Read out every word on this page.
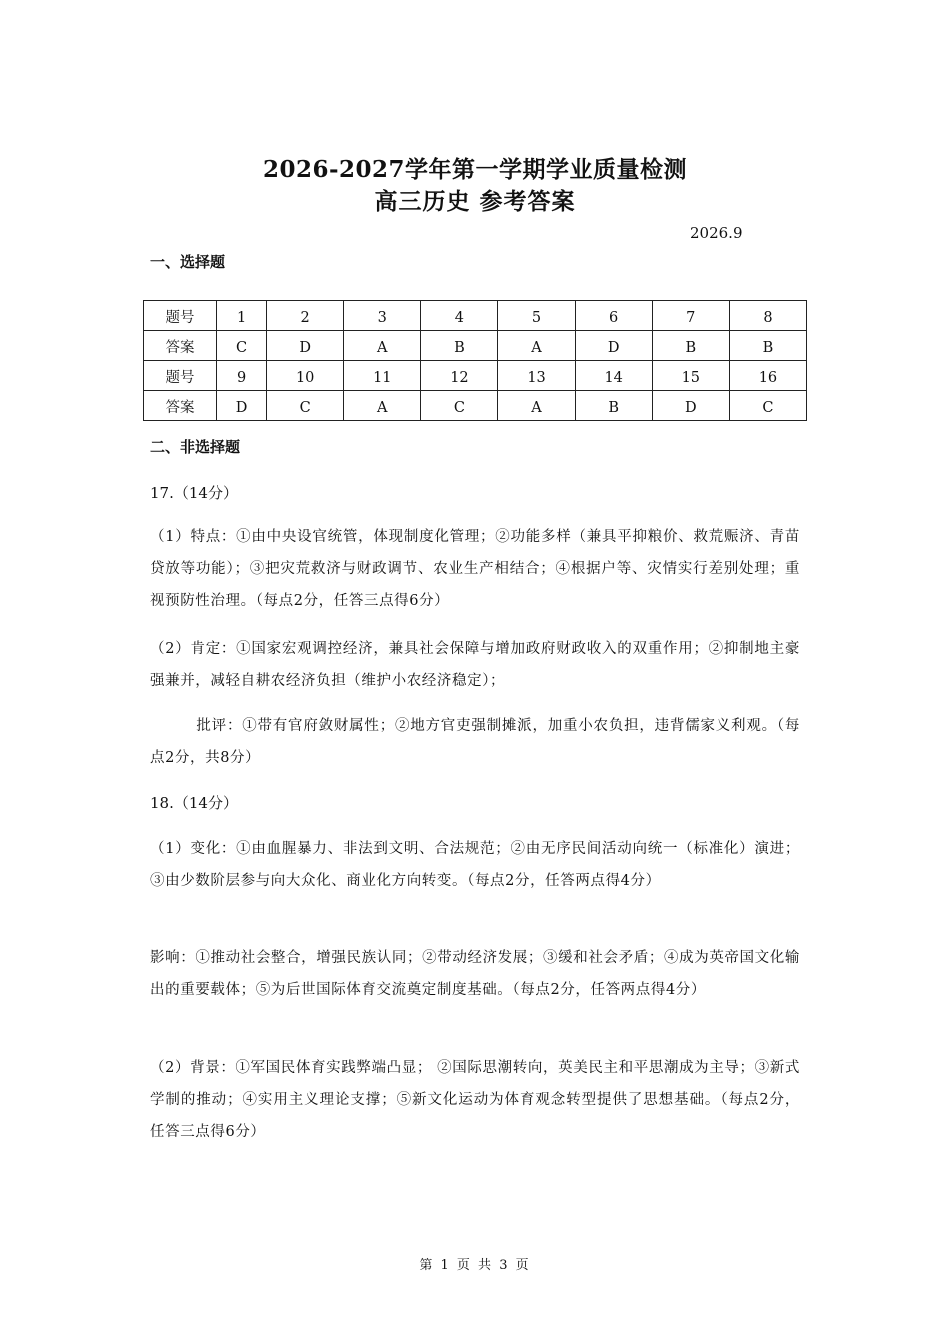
2026-2027学年第一学期学业质量检测
高三历史 参考答案
2026.9
一、选择题
题号	1	2	3	4	5	6	7	8
答案	C	D	A	B	A	D	B	B
题号	9	10	11	12	13	14	15	16
答案	D	C	A	C	A	B	D	C
二、非选择题
17.（14分）
（1）特点：①由中央设官统管，体现制度化管理；②功能多样（兼具平抑粮价、救荒赈济、青苗贷放等功能）；③把灾荒救济与财政调节、农业生产相结合；④根据户等、灾情实行差别处理；重视预防性治理。（每点2分，任答三点得6分）
（2）肯定：①国家宏观调控经济，兼具社会保障与增加政府财政收入的双重作用；②抑制地主豪强兼并，减轻自耕农经济负担（维护小农经济稳定）；
批评：①带有官府敛财属性；②地方官吏强制摊派，加重小农负担，违背儒家义利观。（每点2分，共8分）
18.（14分）
（1）变化：①由血腥暴力、非法到文明、合法规范；②由无序民间活动向统一（标准化）演进；③由少数阶层参与向大众化、商业化方向转变。（每点2分，任答两点得4分）
影响：①推动社会整合，增强民族认同；②带动经济发展；③缓和社会矛盾；④成为英帝国文化输出的重要载体；⑤为后世国际体育交流奠定制度基础。（每点2分，任答两点得4分）
（2）背景：①军国民体育实践弊端凸显； ②国际思潮转向，英美民主和平思潮成为主导；③新式学制的推动；④实用主义理论支撑；⑤新文化运动为体育观念转型提供了思想基础。（每点2分，任答三点得6分）
第 1 页 共 3 页
